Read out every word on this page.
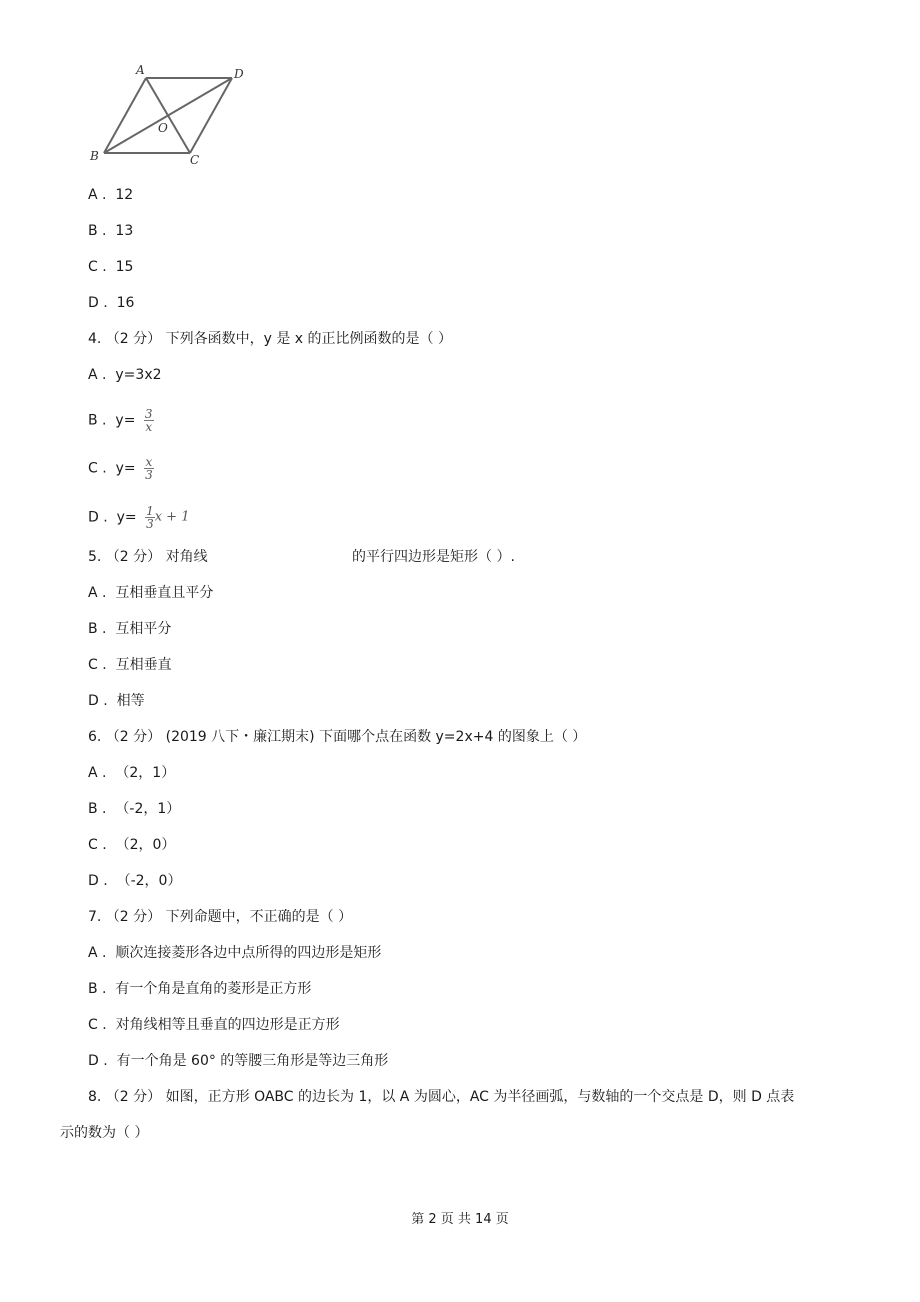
A	D
B	C
O
A . 12
B . 13
C . 15
D . 16
4. （2 分） 下列各函数中，y 是 x 的正比例函数的是（ ）
A . y=3x2
B . $y= \frac{3}{x}$
C . $y= \frac{x}{3}$
D . $y= \frac{1}{3}$ x + 1
5. （2 分） 对角线	的平行四边形是矩形（ ）.
A . 互相垂直且平分
B . 互相平分
C . 互相垂直
D . 相等
6. （2 分） (2019 八下・廉江期末) 下面哪个点在函数 y=2x+4 的图象上（ ）
A . （2，1）
B . （-2，1）
C . （2，0）
D . （-2，0）
7. （2 分） 下列命题中，不正确的是（ ）
A . 顺次连接菱形各边中点所得的四边形是矩形
B . 有一个角是直角的菱形是正方形
C . 对角线相等且垂直的四边形是正方形
D . 有一个角是 60° 的等腰三角形是等边三角形
8. （2 分） 如图，正方形 OABC 的边长为 1，以 A 为圆心，AC 为半径画弧，与数轴的一个交点是 D，则 D 点表
示的数为（ ）
第 2 页 共 14 页
